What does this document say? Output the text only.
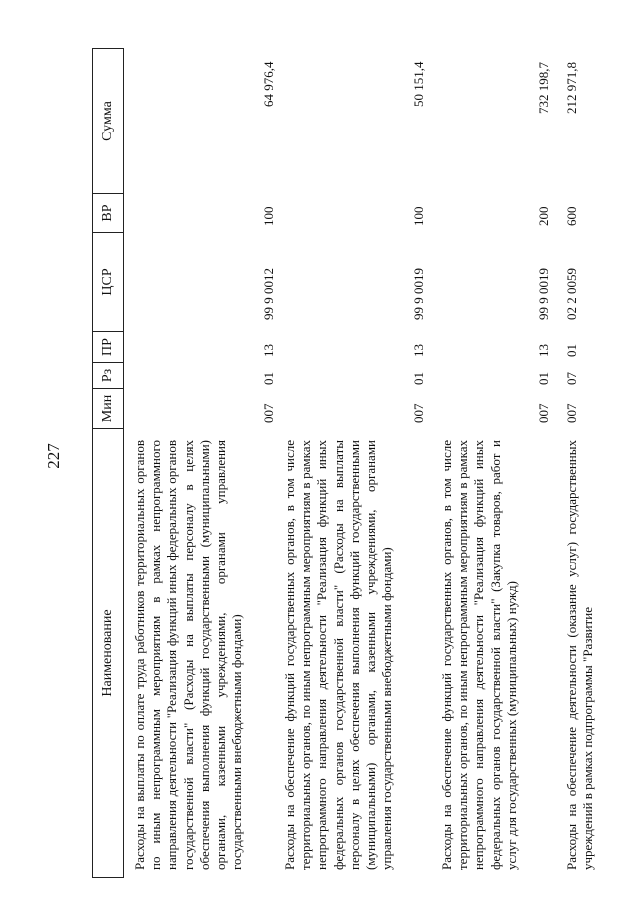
227
Наименование
Мин
Рз
ПР
ЦСР
ВР
Сумма
Расходы на выплаты по оплате труда работников территориальных органов по иным непрограммным мероприятиям в рамках непрограммного направления деятельности "Реализация функций иных федеральных органов государственной власти" (Расходы на выплаты персоналу в целях обеспечения выполнения функций государственными (муниципальными) органами, казенными учреждениями, органами управления государственными внебюджетными фондами)
007
01
13
99 9 0012
100
64 976,4
Расходы на обеспечение функций государственных органов, в том числе территориальных органов, по иным непрограммным мероприятиям в рамках непрограммного направления деятельности "Реализация функций иных федеральных органов государственной власти" (Расходы на выплаты персоналу в целях обеспечения выполнения функций государственными (муниципальными) органами, казенными учреждениями, органами управления государственными внебюджетными фондами)
007
01
13
99 9 0019
100
50 151,4
Расходы на обеспечение функций государственных органов, в том числе территориальных органов, по иным непрограммным мероприятиям в рамках непрограммного направления деятельности "Реализация функций иных федеральных органов государственной власти" (Закупка товаров, работ и услуг для государственных (муниципальных) нужд)
007
01
13
99 9 0019
200
732 198,7
Расходы на обеспечение деятельности (оказание услуг) государственных учреждений в рамках подпрограммы "Развитие
007
07
01
02 2 0059
600
212 971,8
